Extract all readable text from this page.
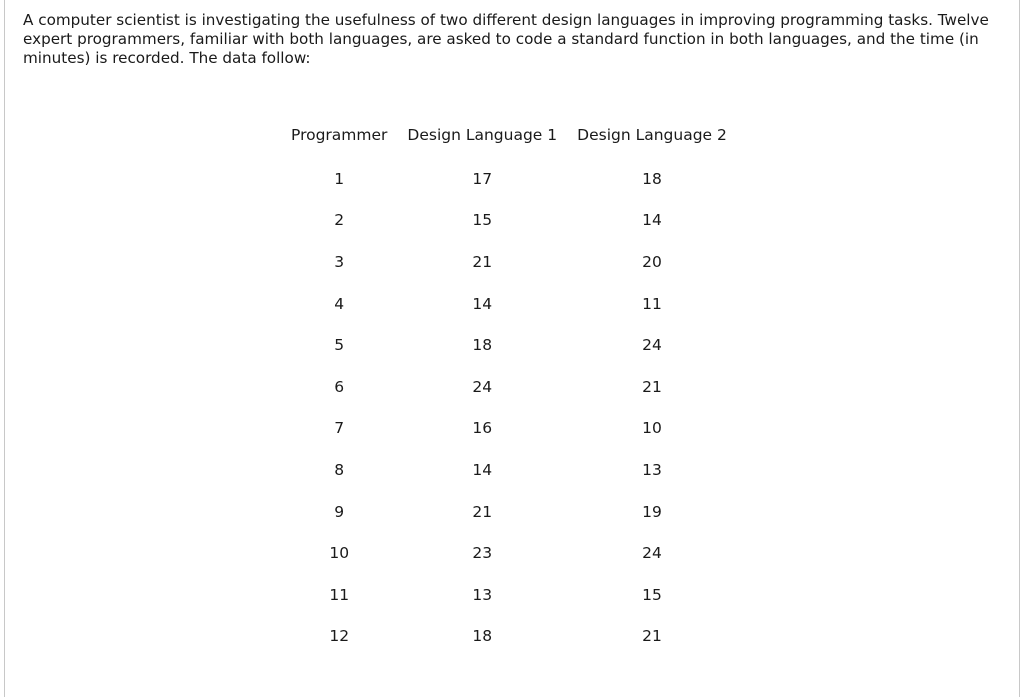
A computer scientist is investigating the usefulness of two different design languages in improving programming tasks. Twelve expert programmers, familiar with both languages, are asked to code a standard function in both languages, and the time (in minutes) is recorded. The data follow:

Programmer	Design Language 1	Design Language 2
1	17	18
2	15	14
3	21	20
4	14	11
5	18	24
6	24	21
7	16	10
8	14	13
9	21	19
10	23	24
11	13	15
12	18	21
